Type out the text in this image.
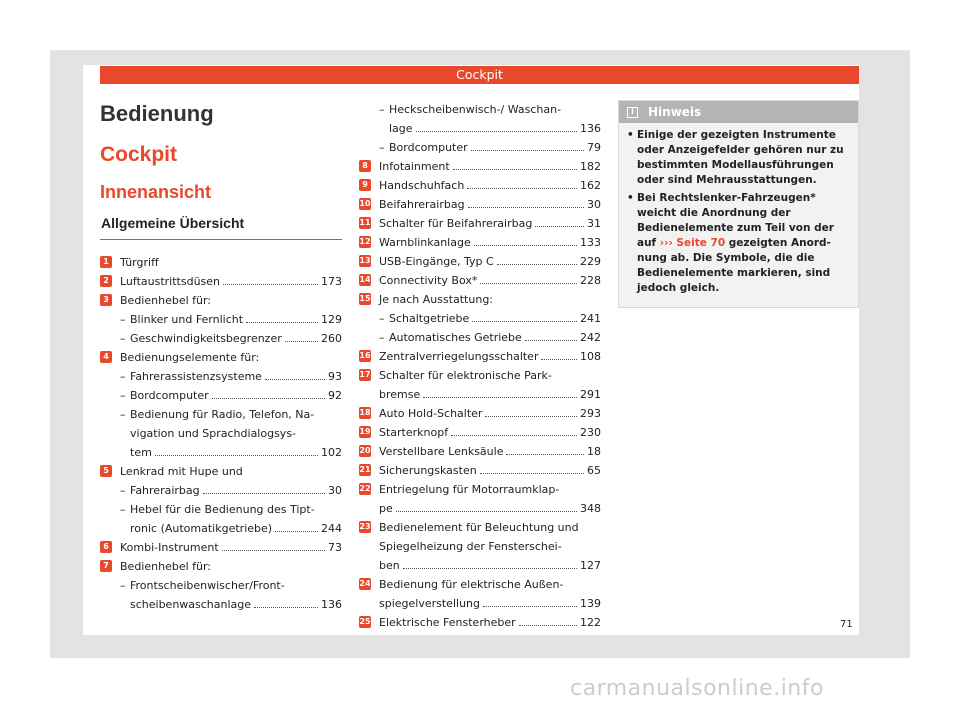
Cockpit
Bedienung
Cockpit
Innenansicht
Allgemeine Übersicht
1 Türgriff
2 Luftaustrittsdüsen	173
3 Bedienhebel für:
– Blinker und Fernlicht	129
– Geschwindigkeitsbegrenzer	260
4 Bedienungselemente für:
– Fahrerassistenzsysteme	93
– Bordcomputer	92
– Bedienung für Radio, Telefon, Na-
vigation und Sprachdialogsys-
tem	102
5 Lenkrad mit Hupe und
– Fahrerairbag	30
– Hebel für die Bedienung des Tipt-
ronic (Automatikgetriebe)	244
6 Kombi-Instrument	73
7 Bedienhebel für:
– Frontscheibenwischer/Front-
scheibenwaschanlage	136
– Heckscheibenwisch-/ Waschan-
lage	136
– Bordcomputer	79
8 Infotainment	182
9 Handschuhfach	162
10 Beifahrerairbag	30
11 Schalter für Beifahrerairbag	31
12 Warnblinkanlage	133
13 USB-Eingänge, Typ C	229
14 Connectivity Box*	228
15 Je nach Ausstattung:
– Schaltgetriebe	241
– Automatisches Getriebe	242
16 Zentralverriegelungsschalter	108
17 Schalter für elektronische Park-
bremse	291
18 Auto Hold-Schalter	293
19 Starterknopf	230
20 Verstellbare Lenksäule	18
21 Sicherungskasten	65
22 Entriegelung für Motorraumklap-
pe	348
23 Bedienelement für Beleuchtung und
Spiegelheizung der Fensterschei-
ben	127
24 Bedienung für elektrische Außen-
spiegelverstellung	139
25 Elektrische Fensterheber	122
i	Hinweis
• Einige der gezeigten Instrumente oder Anzeigefelder gehören nur zu bestimmten Modellausführungen oder sind Mehrausstattungen.
• Bei Rechtslenker-Fahrzeugen* weicht die Anordnung der Bedienelemente zum Teil von der auf ››› Seite 70 gezeigten Anordnung ab. Die Symbole, die die Bedienelemente markieren, sind jedoch gleich.
71
carmanualsonline.info
